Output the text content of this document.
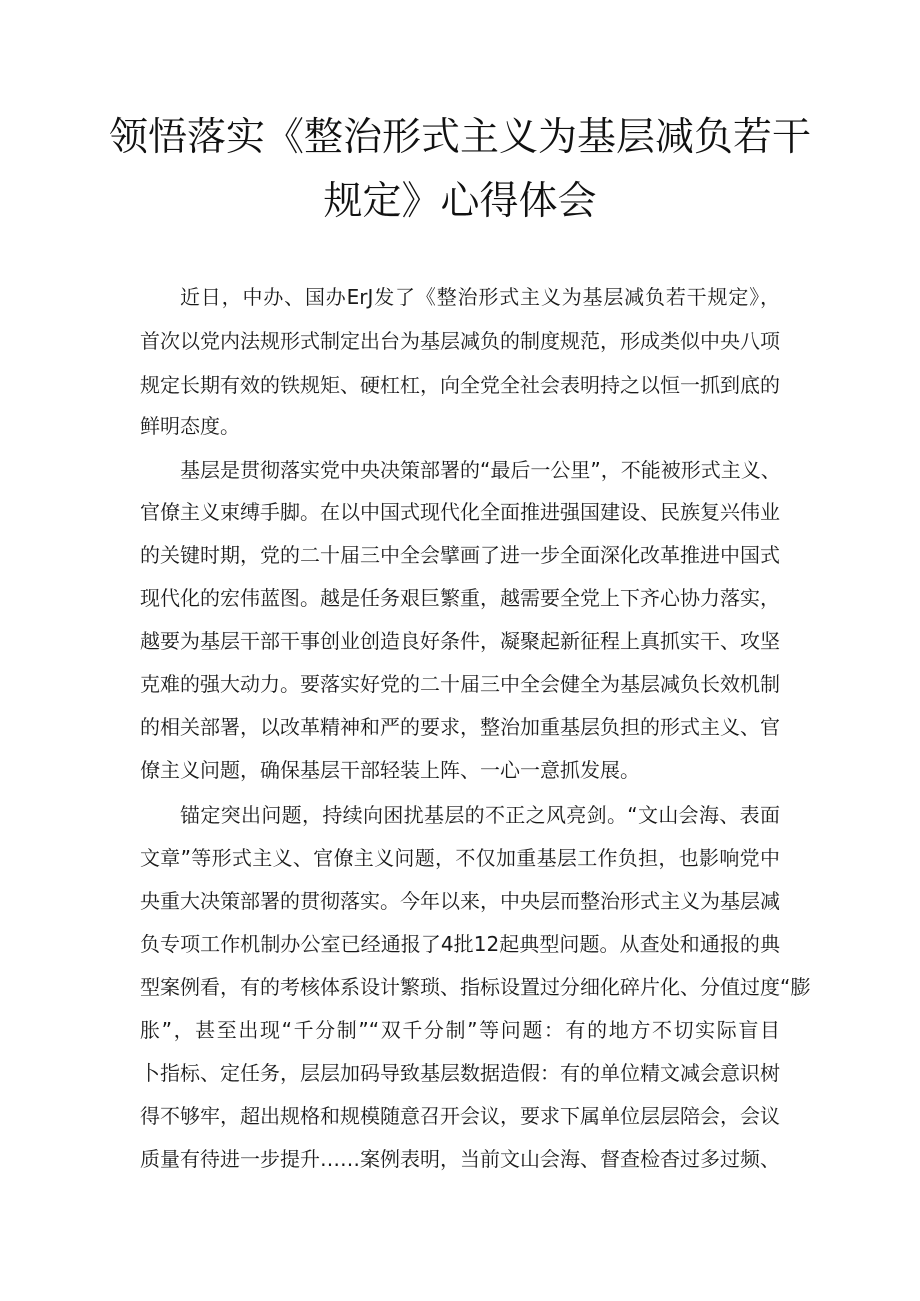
领悟落实《整治形式主义为基层减负若干
规定》心得体会
近日，中办、国办ErJ发了《整治形式主义为基层减负若干规定》，
首次以党内法规形式制定出台为基层减负的制度规范，形成类似中央八项
规定长期有效的铁规矩、硬杠杠，向全党全社会表明持之以恒一抓到底的
鲜明态度。
基层是贯彻落实党中央决策部署的“最后一公里”，不能被形式主义、
官僚主义束缚手脚。在以中国式现代化全面推进强国建设、民族复兴伟业
的关键时期，党的二十届三中全会擘画了进一步全面深化改革推进中国式
现代化的宏伟蓝图。越是任务艰巨繁重，越需要全党上下齐心协力落实，
越要为基层干部干事创业创造良好条件，凝聚起新征程上真抓实干、攻坚
克难的强大动力。要落实好党的二十届三中全会健全为基层减负长效机制
的相关部署，以改革精神和严的要求，整治加重基层负担的形式主义、官
僚主义问题，确保基层干部轻装上阵、一心一意抓发展。
锚定突出问题，持续向困扰基层的不正之风亮剑。“文山会海、表面
文章”等形式主义、官僚主义问题，不仅加重基层工作负担，也影响党中
央重大决策部署的贯彻落实。今年以来，中央层而整治形式主义为基层减
负专项工作机制办公室已经通报了4批12起典型问题。从查处和通报的典
型案例看，有的考核体系设计繁琐、指标设置过分细化碎片化、分值过度“膨
胀”，甚至出现“千分制”“双千分制”等问题：有的地方不切实际盲目
卜指标、定任务，层层加码导致基层数据造假：有的单位精文减会意识树
得不够牢，超出规格和规模随意召开会议，要求下属单位层层陪会，会议
质量有待进一步提升……案例表明，当前文山会海、督查检杳过多过频、
